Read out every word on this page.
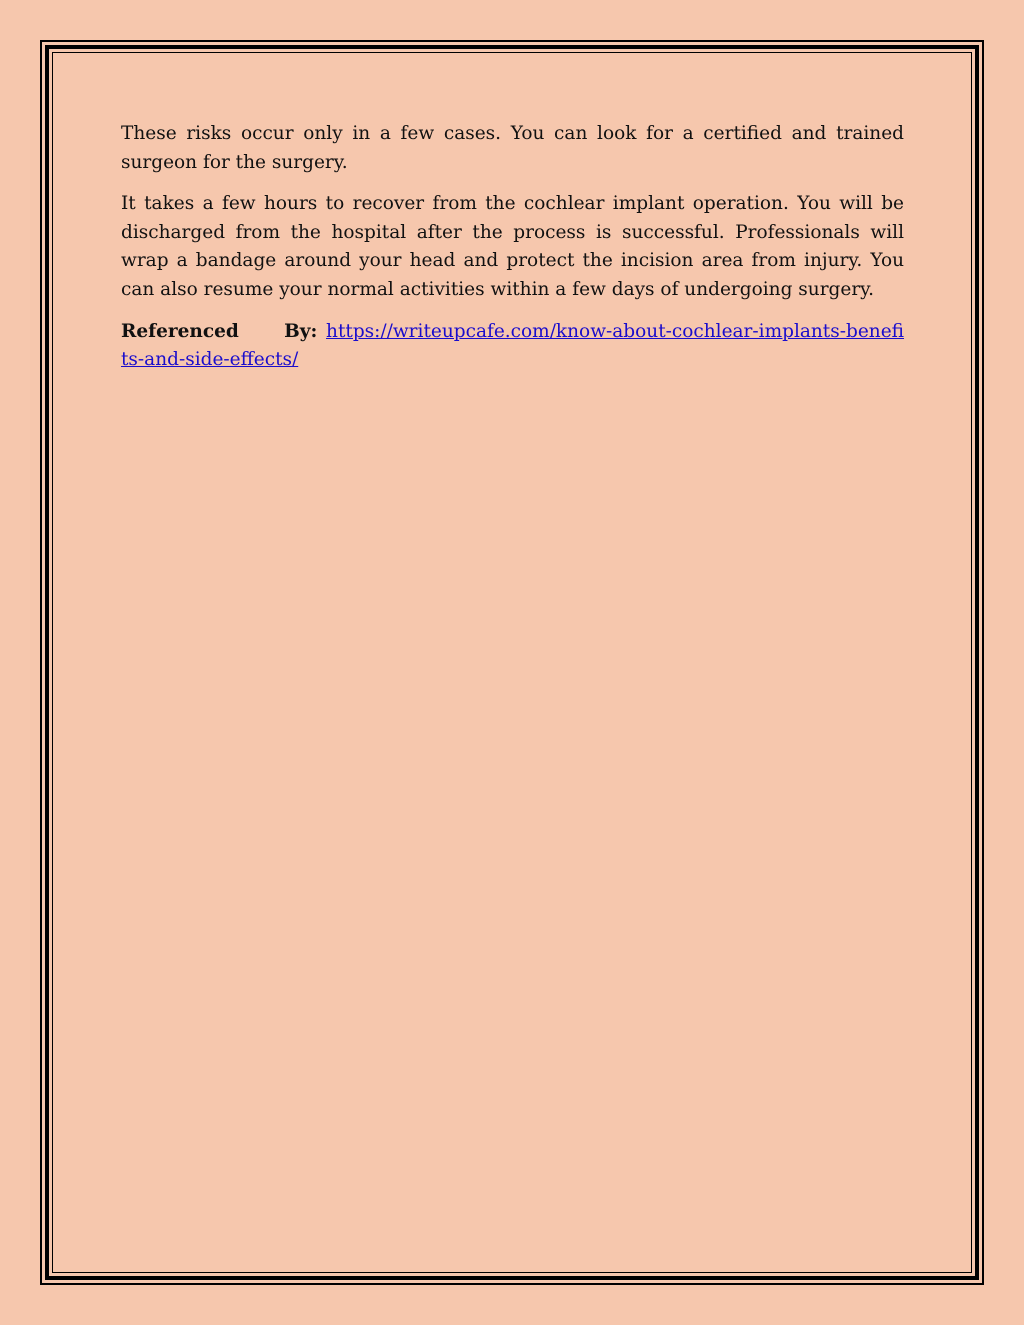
These risks occur only in a few cases. You can look for a certified and trained surgeon for the surgery.

It takes a few hours to recover from the cochlear implant operation. You will be discharged from the hospital after the process is successful. Professionals will wrap a bandage around your head and protect the incision area from injury. You can also resume your normal activities within a few days of undergoing surgery.

Referenced By: https://writeupcafe.com/know-about-cochlear-implants-benefits-and-side-effects/
